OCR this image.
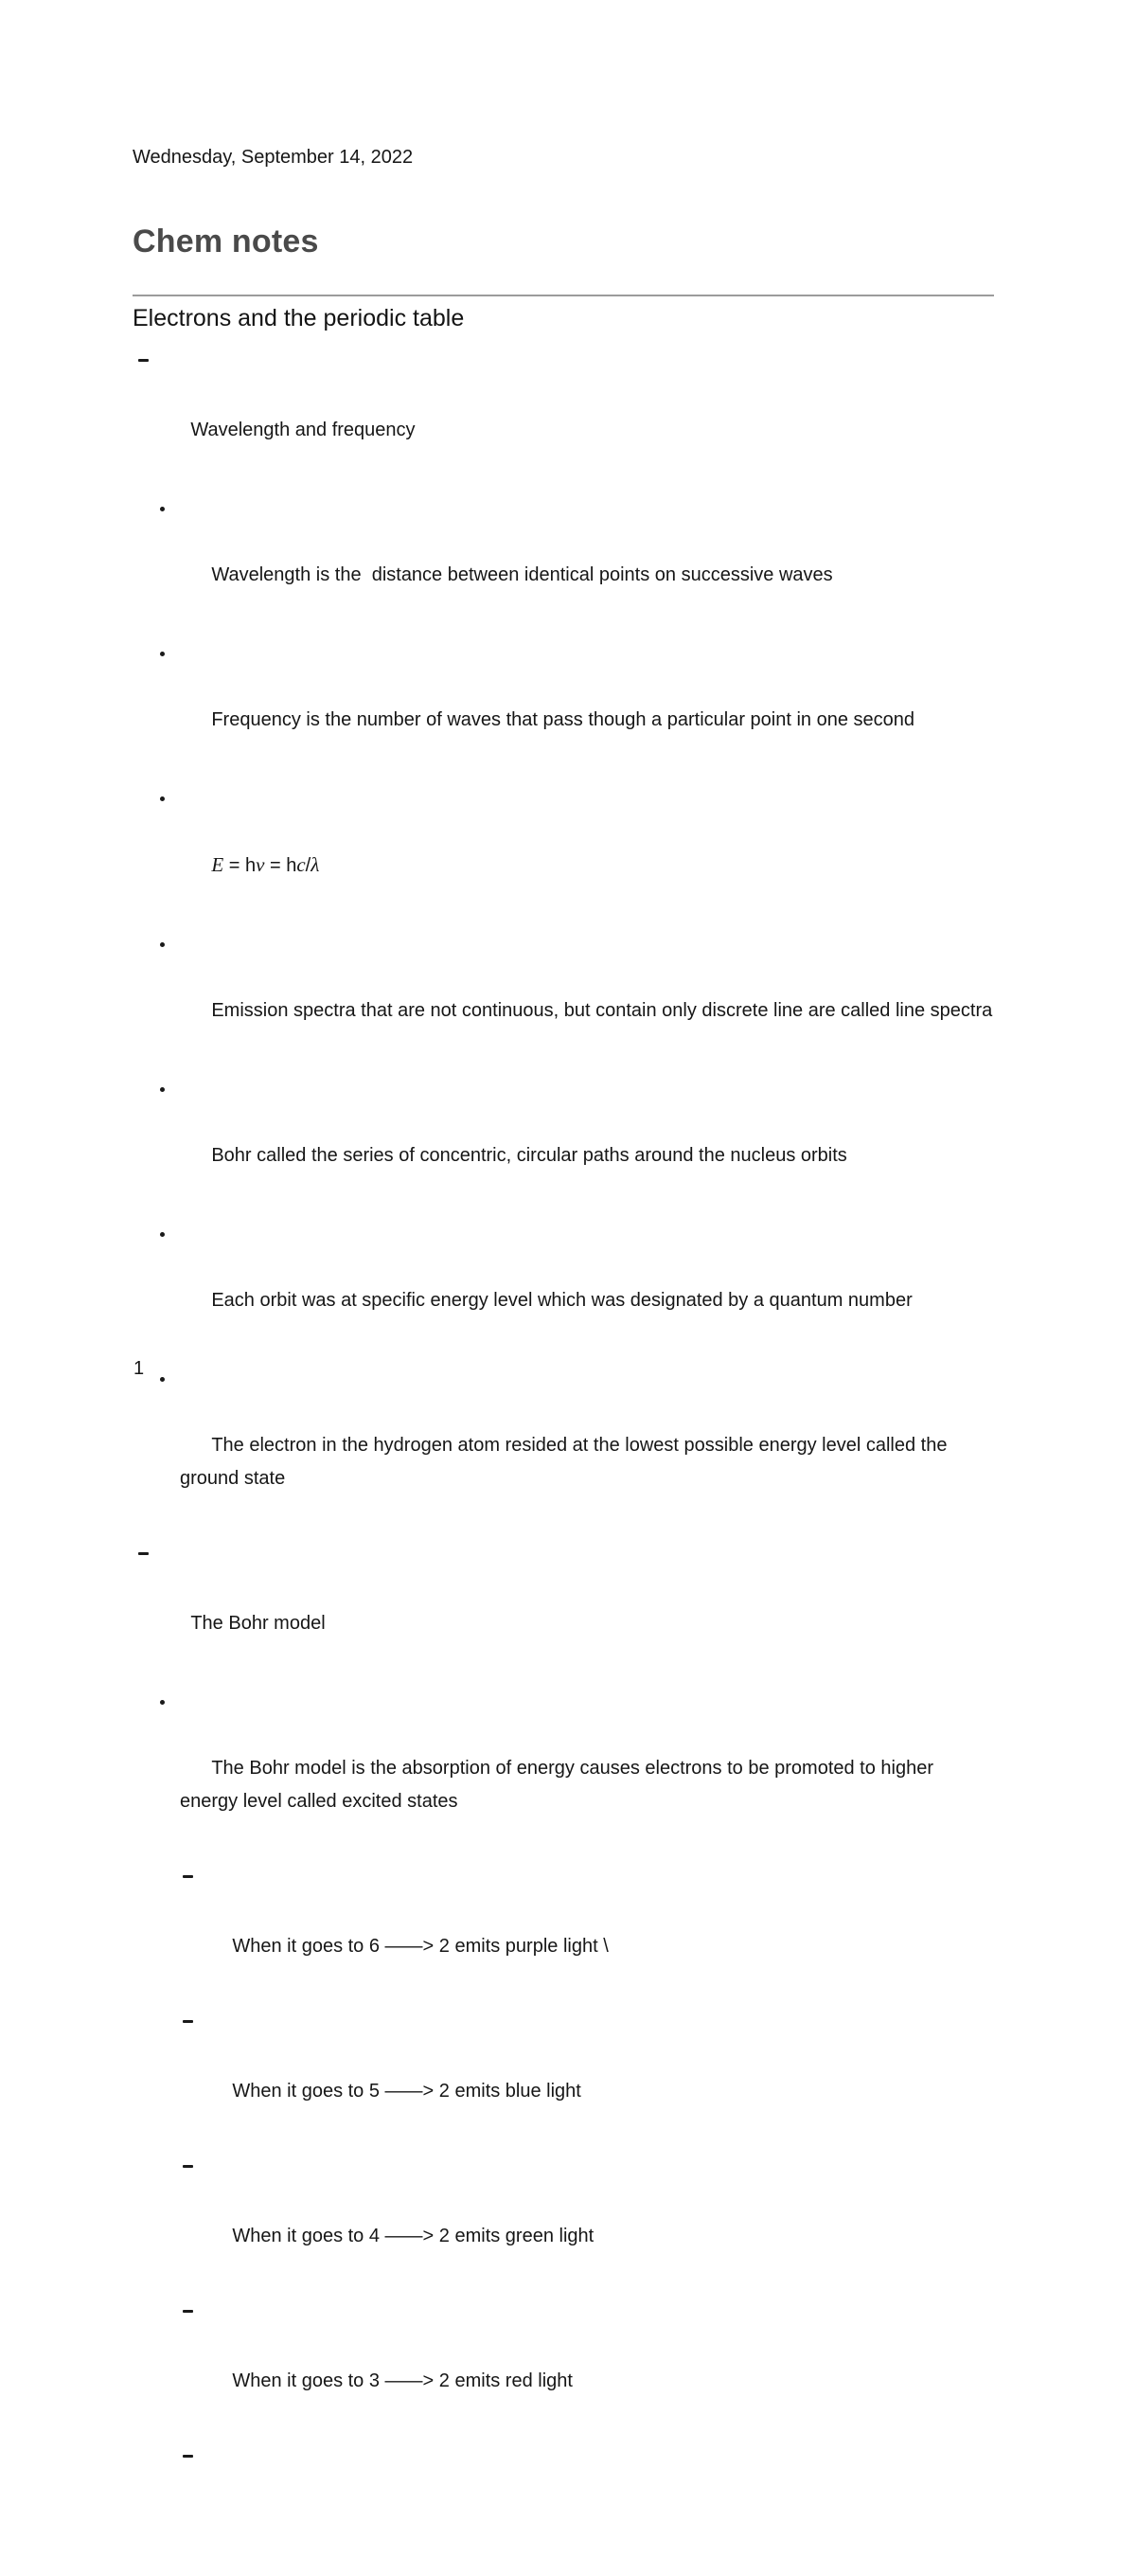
Wednesday, September 14, 2022
Chem notes
Electrons and the periodic table

Wavelength and frequency

Wavelength is the  distance between identical points on successive waves

Frequency is the number of waves that pass though a particular point in one second

E = hν = hc/λ

Emission spectra that are not continuous, but contain only discrete line are called line spectra

Bohr called the series of concentric, circular paths around the nucleus orbits

Each orbit was at specific energy level which was designated by a quantum number

The electron in the hydrogen atom resided at the lowest possible energy level called the ground state

The Bohr model

The Bohr model is the absorption of energy causes electrons to be promoted to higher energy level called excited states

When it goes to 6 ——> 2 emits purple light \

When it goes to 5 ——> 2 emits blue light

When it goes to 4 ——> 2 emits green light

When it goes to 3 ——> 2 emits red light

1
